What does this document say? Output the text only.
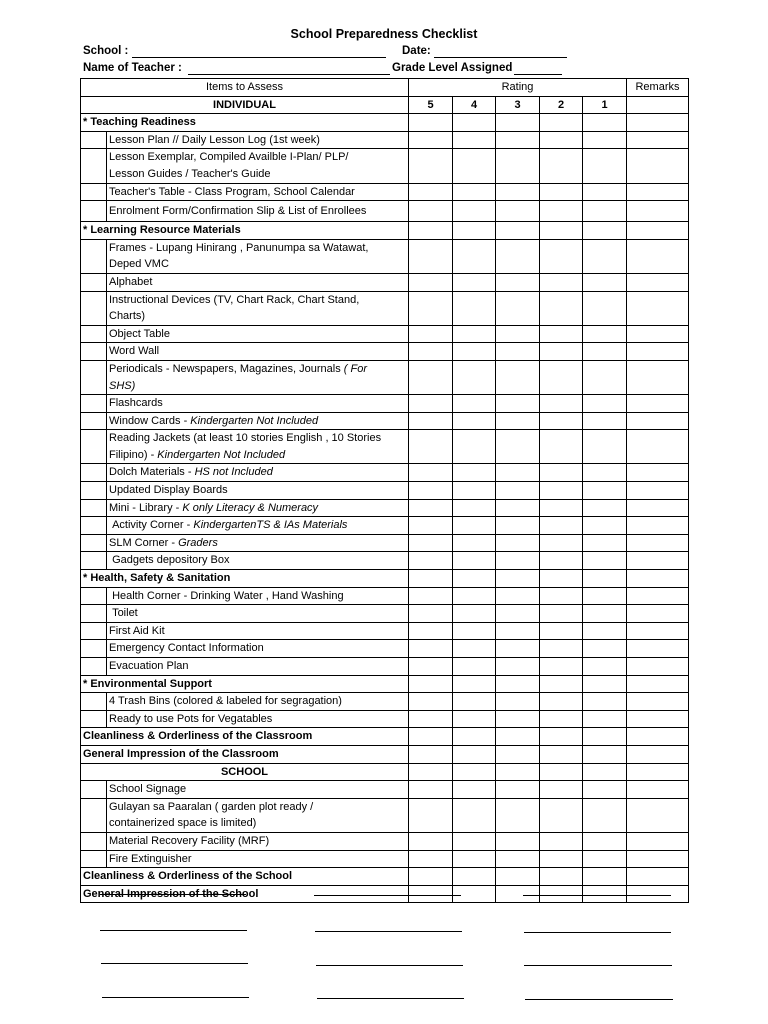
School Preparedness Checklist
School :	Date:
Name of Teacher :	Grade Level Assigned
Items to Assess		Rating					Remarks
INDIVIDUAL		5	4	3	2	1	
* Teaching Readiness							
	Lesson Plan // Daily Lesson Log (1st week)						
	Lesson Exemplar, Compiled Availble I-Plan/ PLP/
Lesson Guides / Teacher's Guide						
	Teacher's Table - Class Program, School Calendar						
	Enrolment Form/Confirmation Slip & List of Enrollees						
* Learning Resource Materials							
	Frames - Lupang Hinirang , Panunumpa sa Watawat,
Deped VMC						
	Alphabet						
	Instructional Devices (TV, Chart Rack, Chart Stand,
Charts)						
	Object Table						
	Word Wall						
	Periodicals - Newspapers, Magazines, Journals ( For
SHS)						
	Flashcards						
	Window Cards - Kindergarten Not Included						
	Reading Jackets (at least 10 stories English , 10 Stories
Filipino) - Kindergarten Not Included						
	Dolch Materials - HS not Included						
	Updated Display Boards						
	Mini - Library - K only Literacy & Numeracy						
	Activity Corner - KindergartenTS & IAs Materials						
	SLM Corner - Graders						
	Gadgets depository Box						
* Health, Safety & Sanitation							
	Health Corner - Drinking Water , Hand Washing						
	Toilet						
	First Aid Kit						
	Emergency Contact Information						
	Evacuation Plan						
* Environmental Support							
	4 Trash Bins (colored & labeled for segragation)						
	Ready to use Pots for Vegatables						
Cleanliness & Orderliness of the Classroom							
General Impression of the Classroom							
SCHOOL							
	School Signage						
	Gulayan sa Paaralan ( garden plot ready /
containerized space is limited)						
	Material Recovery Facility (MRF)						
	Fire Extinguisher						
Cleanliness & Orderliness of the School							
General Impression of the School							
